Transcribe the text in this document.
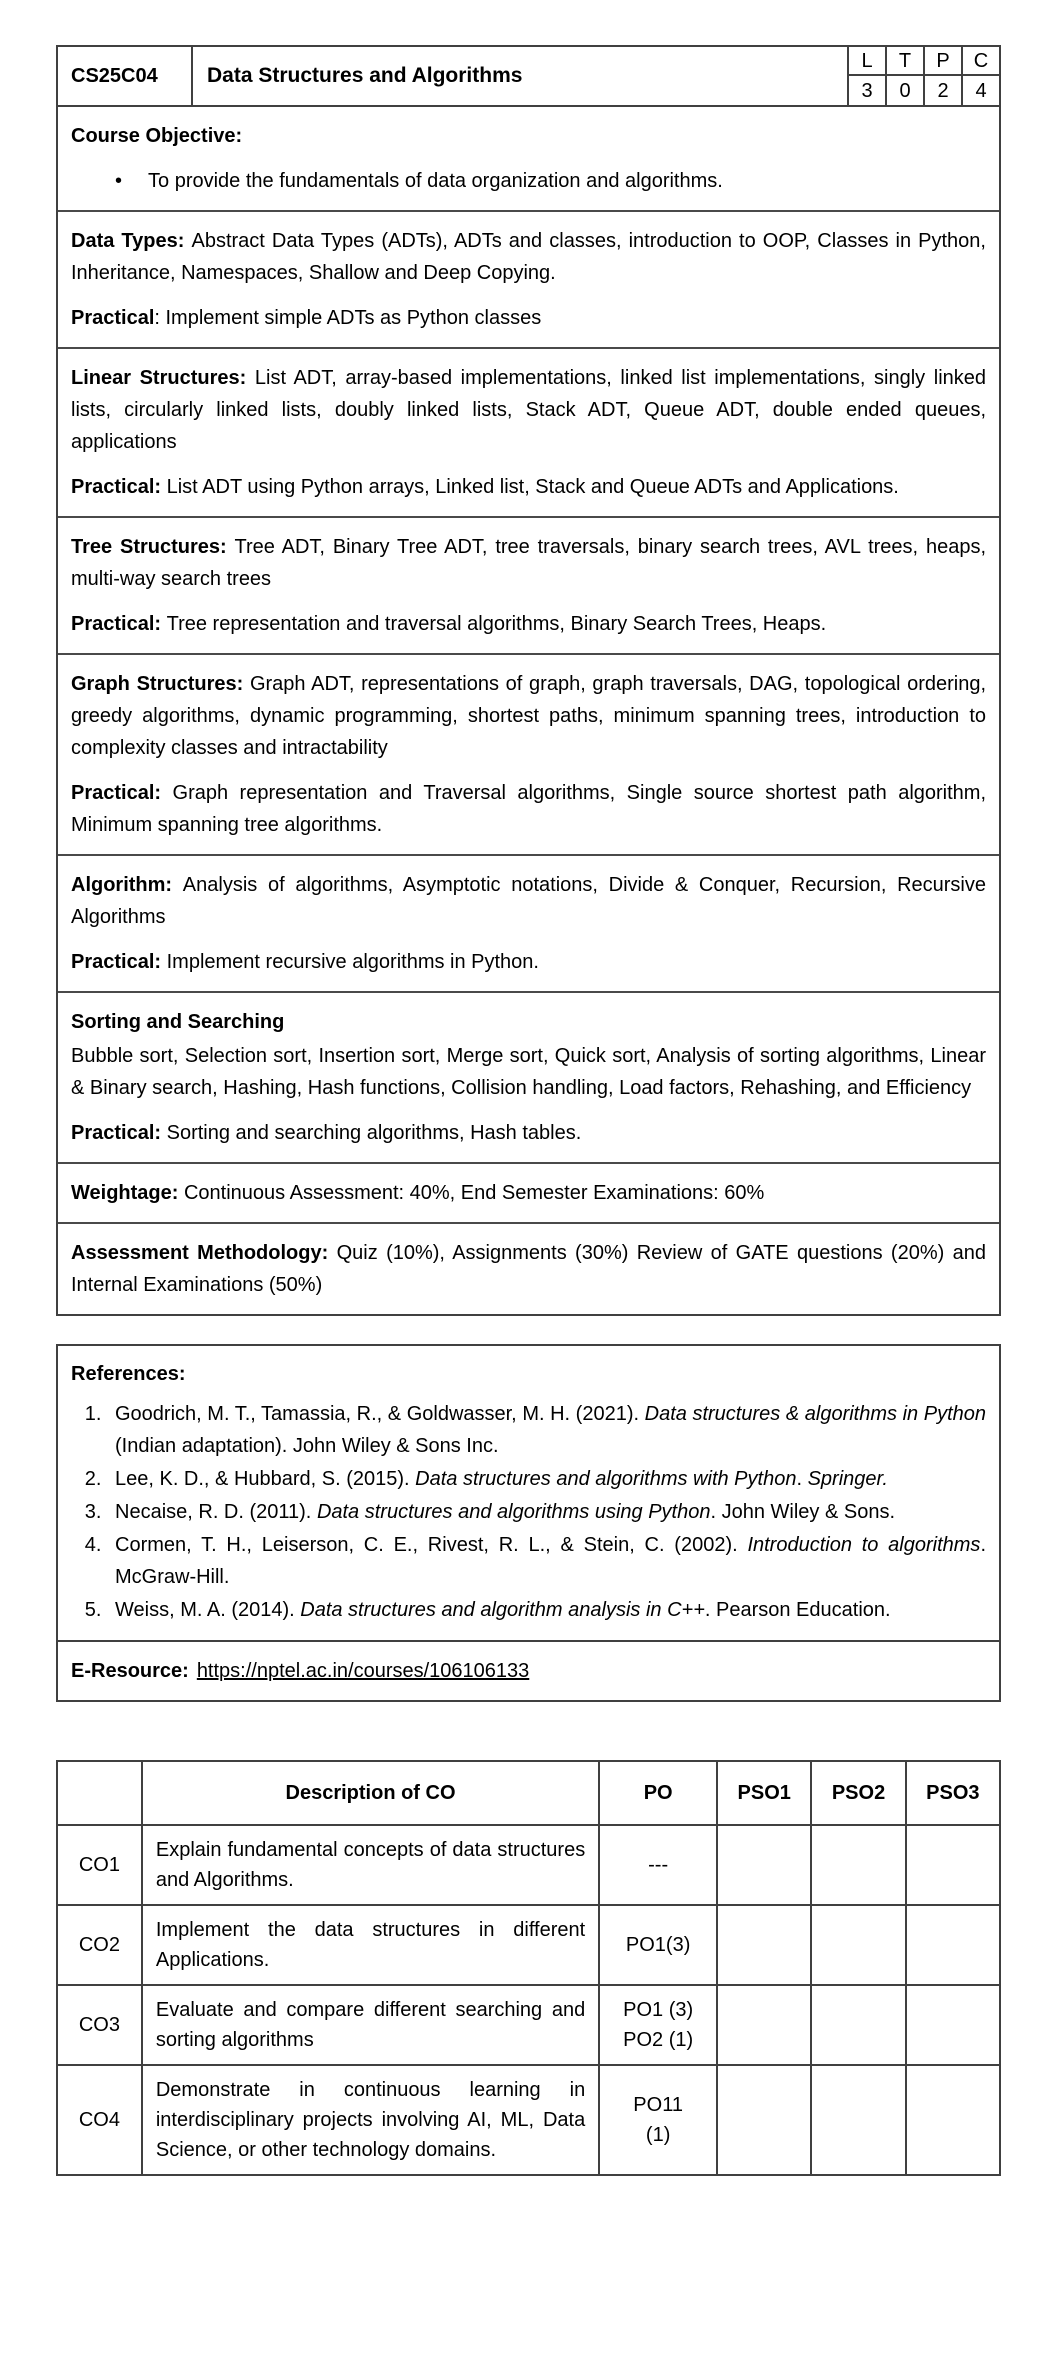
CS25C04	Data Structures and Algorithms
L	T	P	C
3	0	2	4
Course Objective:
• To provide the fundamentals of data organization and algorithms.
Data Types: Abstract Data Types (ADTs), ADTs and classes, introduction to OOP, Classes in Python, Inheritance, Namespaces, Shallow and Deep Copying.
Practical: Implement simple ADTs as Python classes
Linear Structures: List ADT, array-based implementations, linked list implementations, singly linked lists, circularly linked lists, doubly linked lists, Stack ADT, Queue ADT, double ended queues, applications
Practical: List ADT using Python arrays, Linked list, Stack and Queue ADTs and Applications.
Tree Structures: Tree ADT, Binary Tree ADT, tree traversals, binary search trees, AVL trees, heaps, multi-way search trees
Practical: Tree representation and traversal algorithms, Binary Search Trees, Heaps.
Graph Structures: Graph ADT, representations of graph, graph traversals, DAG, topological ordering, greedy algorithms, dynamic programming, shortest paths, minimum spanning trees, introduction to complexity classes and intractability
Practical: Graph representation and Traversal algorithms, Single source shortest path algorithm, Minimum spanning tree algorithms.
Algorithm: Analysis of algorithms, Asymptotic notations, Divide & Conquer, Recursion, Recursive Algorithms
Practical: Implement recursive algorithms in Python.
Sorting and Searching
Bubble sort, Selection sort, Insertion sort, Merge sort, Quick sort, Analysis of sorting algorithms, Linear & Binary search, Hashing, Hash functions, Collision handling, Load factors, Rehashing, and Efficiency
Practical: Sorting and searching algorithms, Hash tables.
Weightage: Continuous Assessment: 40%, End Semester Examinations: 60%
Assessment Methodology: Quiz (10%), Assignments (30%) Review of GATE questions (20%) and Internal Examinations (50%)
References:
1. Goodrich, M. T., Tamassia, R., & Goldwasser, M. H. (2021). Data structures & algorithms in Python (Indian adaptation). John Wiley & Sons Inc.
2. Lee, K. D., & Hubbard, S. (2015). Data structures and algorithms with Python. Springer.
3. Necaise, R. D. (2011). Data structures and algorithms using Python. John Wiley & Sons.
4. Cormen, T. H., Leiserson, C. E., Rivest, R. L., & Stein, C. (2002). Introduction to algorithms. McGraw-Hill.
5. Weiss, M. A. (2014). Data structures and algorithm analysis in C++. Pearson Education.
E-Resource: https://nptel.ac.in/courses/106106133
	Description of CO	PO	PSO1	PSO2	PSO3
CO1	Explain fundamental concepts of data structures and Algorithms.	---			

CO2	Implement the data structures in different Applications.	PO1(3)			

CO3	Evaluate and compare different searching and sorting algorithms	PO1 (3)
PO2 (1)			

CO4	Demonstrate in continuous learning in interdisciplinary projects involving AI, ML, Data Science, or other technology domains.	PO11
(1)			
